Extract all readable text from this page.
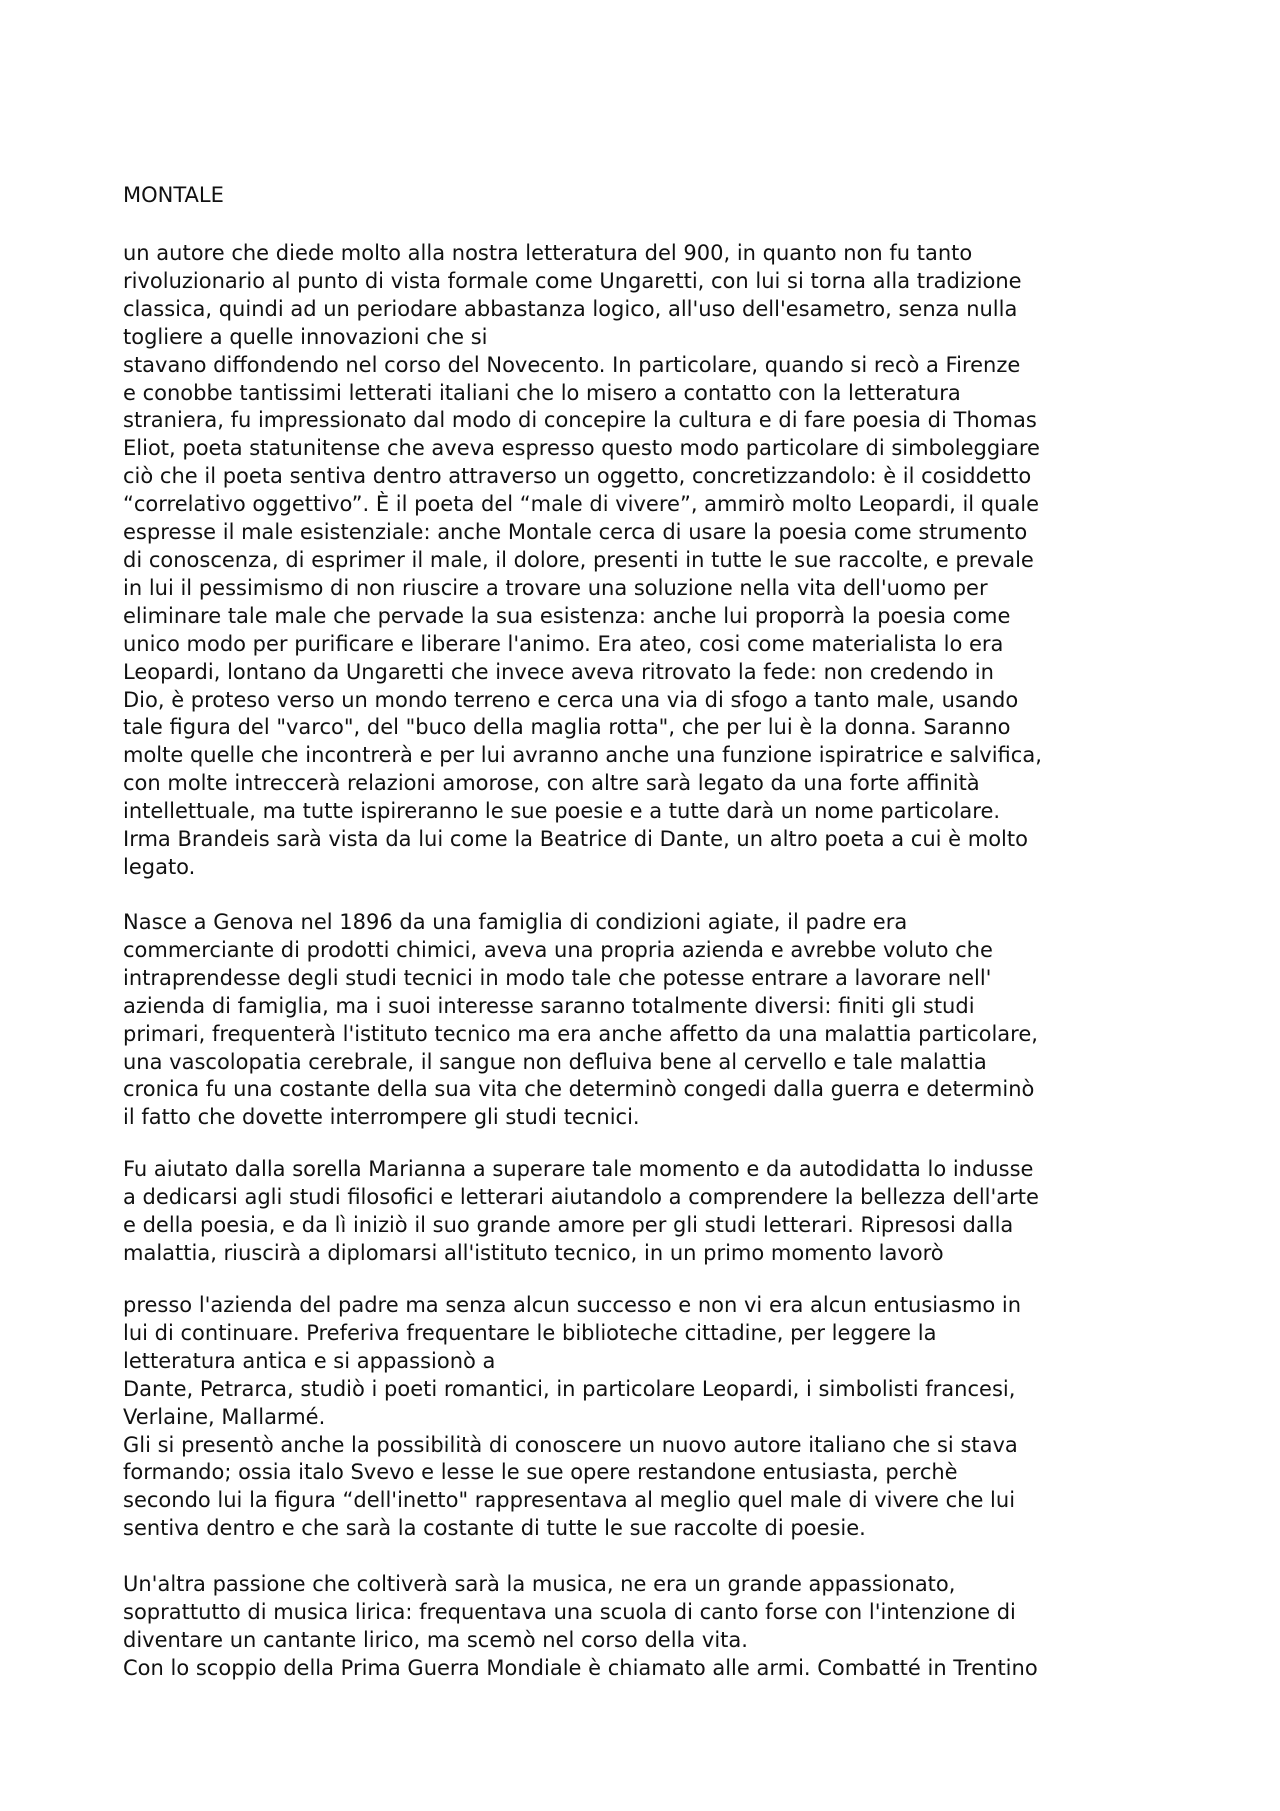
MONTALE
un autore che diede molto alla nostra letteratura del 900, in quanto non fu tanto
rivoluzionario al punto di vista formale come Ungaretti, con lui si torna alla tradizione
classica, quindi ad un periodare abbastanza logico, all'uso dell'esametro, senza nulla
togliere a quelle innovazioni che si
stavano diffondendo nel corso del Novecento. In particolare, quando si recò a Firenze
e conobbe tantissimi letterati italiani che lo misero a contatto con la letteratura
straniera, fu impressionato dal modo di concepire la cultura e di fare poesia di Thomas
Eliot, poeta statunitense che aveva espresso questo modo particolare di simboleggiare
ciò che il poeta sentiva dentro attraverso un oggetto, concretizzandolo: è il cosiddetto
“correlativo oggettivo”. È il poeta del “male di vivere”, ammirò molto Leopardi, il quale
espresse il male esistenziale: anche Montale cerca di usare la poesia come strumento
di conoscenza, di esprimer il male, il dolore, presenti in tutte le sue raccolte, e prevale
in lui il pessimismo di non riuscire a trovare una soluzione nella vita dell'uomo per
eliminare tale male che pervade la sua esistenza: anche lui proporrà la poesia come
unico modo per purificare e liberare l'animo. Era ateo, cosi come materialista lo era
Leopardi, lontano da Ungaretti che invece aveva ritrovato la fede: non credendo in
Dio, è proteso verso un mondo terreno e cerca una via di sfogo a tanto male, usando
tale figura del "varco", del "buco della maglia rotta", che per lui è la donna. Saranno
molte quelle che incontrerà e per lui avranno anche una funzione ispiratrice e salvifica,
con molte intreccerà relazioni amorose, con altre sarà legato da una forte affinità
intellettuale, ma tutte ispireranno le sue poesie e a tutte darà un nome particolare.
Irma Brandeis sarà vista da lui come la Beatrice di Dante, un altro poeta a cui è molto
legato.
Nasce a Genova nel 1896 da una famiglia di condizioni agiate, il padre era
commerciante di prodotti chimici, aveva una propria azienda e avrebbe voluto che
intraprendesse degli studi tecnici in modo tale che potesse entrare a lavorare nell'
azienda di famiglia, ma i suoi interesse saranno totalmente diversi: finiti gli studi
primari, frequenterà l'istituto tecnico ma era anche affetto da una malattia particolare,
una vascolopatia cerebrale, il sangue non defluiva bene al cervello e tale malattia
cronica fu una costante della sua vita che determinò congedi dalla guerra e determinò
il fatto che dovette interrompere gli studi tecnici.
Fu aiutato dalla sorella Marianna a superare tale momento e da autodidatta lo indusse
a dedicarsi agli studi filosofici e letterari aiutandolo a comprendere la bellezza dell'arte
e della poesia, e da lì iniziò il suo grande amore per gli studi letterari. Ripresosi dalla
malattia, riuscirà a diplomarsi all'istituto tecnico, in un primo momento lavorò
presso l'azienda del padre ma senza alcun successo e non vi era alcun entusiasmo in
lui di continuare. Preferiva frequentare le biblioteche cittadine, per leggere la
letteratura antica e si appassionò a
Dante, Petrarca, studiò i poeti romantici, in particolare Leopardi, i simbolisti francesi,
Verlaine, Mallarmé.
Gli si presentò anche la possibilità di conoscere un nuovo autore italiano che si stava
formando; ossia italo Svevo e lesse le sue opere restandone entusiasta, perchè
secondo lui la figura “dell'inetto" rappresentava al meglio quel male di vivere che lui
sentiva dentro e che sarà la costante di tutte le sue raccolte di poesie.
Un'altra passione che coltiverà sarà la musica, ne era un grande appassionato,
soprattutto di musica lirica: frequentava una scuola di canto forse con l'intenzione di
diventare un cantante lirico, ma scemò nel corso della vita.
Con lo scoppio della Prima Guerra Mondiale è chiamato alle armi. Combatté in Trentino
